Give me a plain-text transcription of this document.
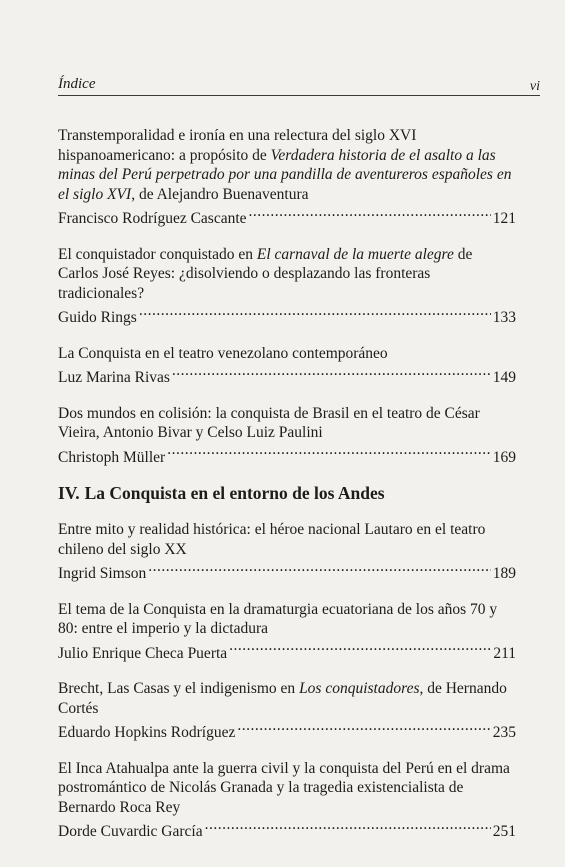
Índice	vi
Transtemporalidad e ironía en una relectura del siglo XVI hispanoamericano: a propósito de Verdadera historia de el asalto a las minas del Perú perpetrado por una pandilla de aventureros españoles en el siglo XVI, de Alejandro Buenaventura
Francisco Rodríguez Cascante .....	121
El conquistador conquistado en El carnaval de la muerte alegre de Carlos José Reyes: ¿disolviendo o desplazando las fronteras tradicionales?
Guido Rings .....	133
La Conquista en el teatro venezolano contemporáneo
Luz Marina Rivas .....	149
Dos mundos en colisión: la conquista de Brasil en el teatro de César Vieira, Antonio Bivar y Celso Luiz Paulini
Christoph Müller .....	169
IV. La Conquista en el entorno de los Andes
Entre mito y realidad histórica: el héroe nacional Lautaro en el teatro chileno del siglo XX
Ingrid Simson .....	189
El tema de la Conquista en la dramaturgia ecuatoriana de los años 70 y 80: entre el imperio y la dictadura
Julio Enrique Checa Puerta .....	211
Brecht, Las Casas y el indigenismo en Los conquistadores, de Hernando Cortés
Eduardo Hopkins Rodríguez .....	235
El Inca Atahualpa ante la guerra civil y la conquista del Perú en el drama postromántico de Nicolás Granada y la tragedia existencialista de Bernardo Roca Rey
Dorde Cuvardic García .....	251
